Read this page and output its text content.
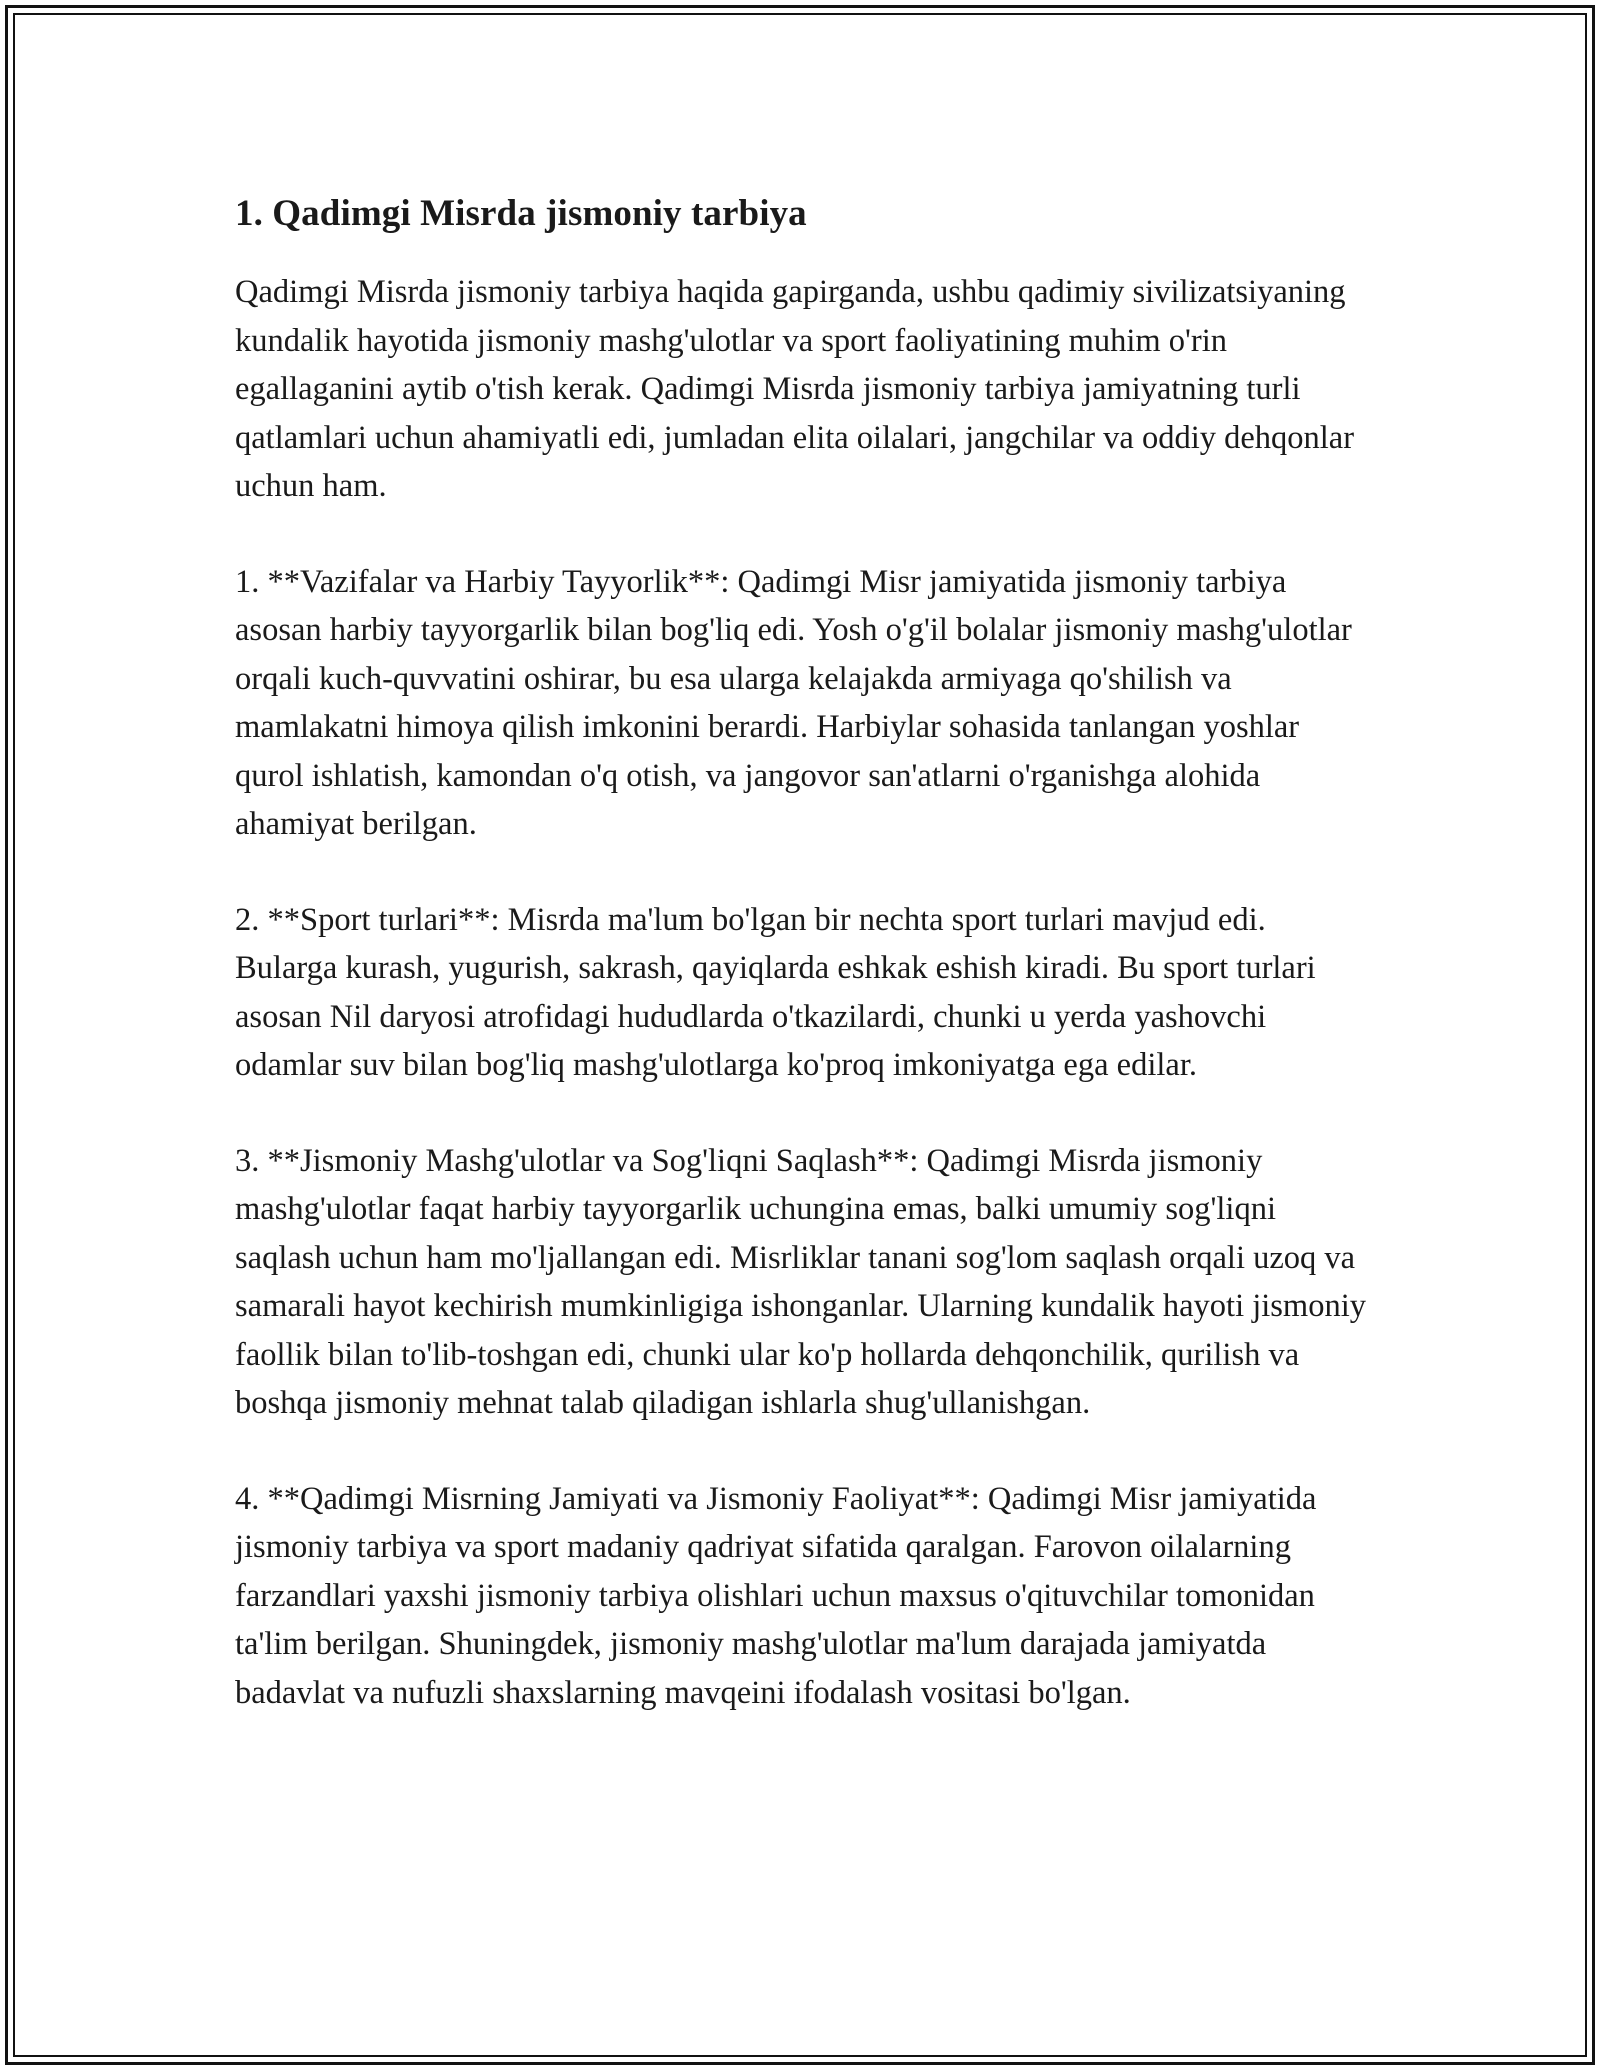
1. Qadimgi Misrda jismoniy tarbiya

Qadimgi Misrda jismoniy tarbiya haqida gapirganda, ushbu qadimiy sivilizatsiyaning kundalik hayotida jismoniy mashg'ulotlar va sport faoliyatining muhim o'rin egallaganini aytib o'tish kerak. Qadimgi Misrda jismoniy tarbiya jamiyatning turli qatlamlari uchun ahamiyatli edi, jumladan elita oilalari, jangchilar va oddiy dehqonlar uchun ham.

1. **Vazifalar va Harbiy Tayyorlik**: Qadimgi Misr jamiyatida jismoniy tarbiya asosan harbiy tayyorgarlik bilan bog'liq edi. Yosh o'g'il bolalar jismoniy mashg'ulotlar orqali kuch-quvvatini oshirar, bu esa ularga kelajakda armiyaga qo'shilish va mamlakatni himoya qilish imkonini berardi. Harbiylar sohasida tanlangan yoshlar qurol ishlatish, kamondan o'q otish, va jangovor san'atlarni o'rganishga alohida ahamiyat berilgan.

2. **Sport turlari**: Misrda ma'lum bo'lgan bir nechta sport turlari mavjud edi. Bularga kurash, yugurish, sakrash, qayiqlarda eshkak eshish kiradi. Bu sport turlari asosan Nil daryosi atrofidagi hududlarda o'tkazilardi, chunki u yerda yashovchi odamlar suv bilan bog'liq mashg'ulotlarga ko'proq imkoniyatga ega edilar.

3. **Jismoniy Mashg'ulotlar va Sog'liqni Saqlash**: Qadimgi Misrda jismoniy mashg'ulotlar faqat harbiy tayyorgarlik uchungina emas, balki umumiy sog'liqni saqlash uchun ham mo'ljallangan edi. Misrliklar tanani sog'lom saqlash orqali uzoq va samarali hayot kechirish mumkinligiga ishonganlar. Ularning kundalik hayoti jismoniy faollik bilan to'lib-toshgan edi, chunki ular ko'p hollarda dehqonchilik, qurilish va boshqa jismoniy mehnat talab qiladigan ishlarla shug'ullanishgan.

4. **Qadimgi Misrning Jamiyati va Jismoniy Faoliyat**: Qadimgi Misr jamiyatida jismoniy tarbiya va sport madaniy qadriyat sifatida qaralgan. Farovon oilalarning farzandlari yaxshi jismoniy tarbiya olishlari uchun maxsus o'qituvchilar tomonidan ta'lim berilgan. Shuningdek, jismoniy mashg'ulotlar ma'lum darajada jamiyatda badavlat va nufuzli shaxslarning mavqeini ifodalash vositasi bo'lgan.
